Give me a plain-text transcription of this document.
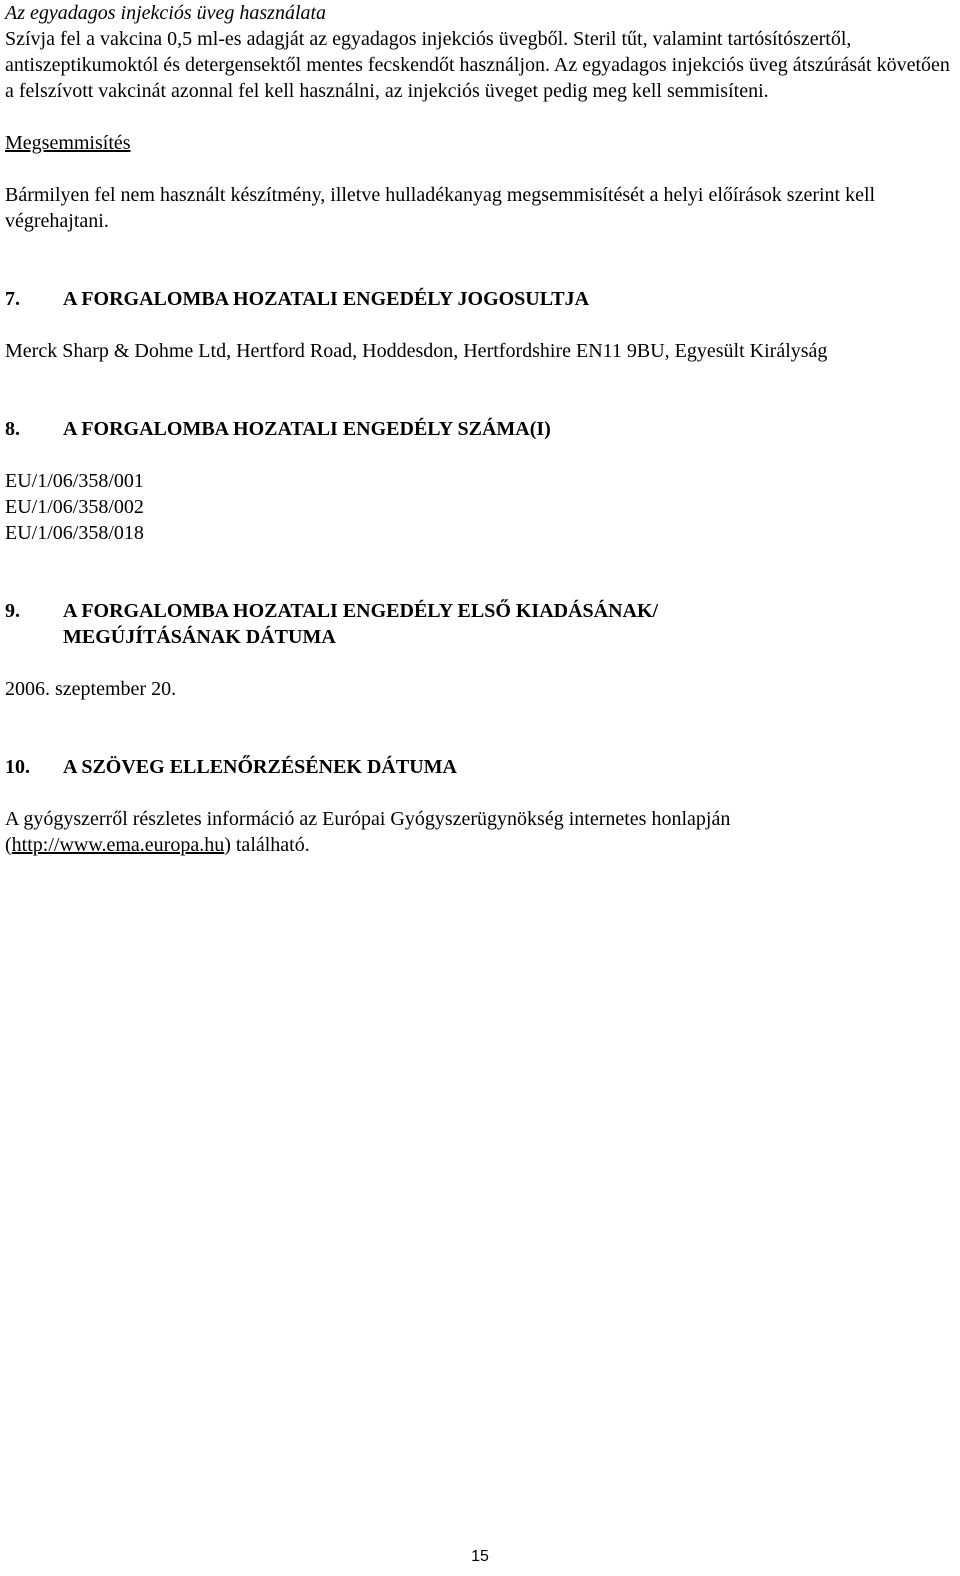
Az egyadagos injekciós üveg használata

Szívja fel a vakcina 0,5 ml-es adagját az egyadagos injekciós üvegből. Steril tűt, valamint tartósítószertől, antiszeptikumoktól és detergensektől mentes fecskendőt használjon. Az egyadagos injekciós üveg átszúrását követően a felszívott vakcinát azonnal fel kell használni, az injekciós üveget pedig meg kell semmisíteni.

Megsemmisítés

Bármilyen fel nem használt készítmény, illetve hulladékanyag megsemmisítését a helyi előírások szerint kell végrehajtani.

7.	A FORGALOMBA HOZATALI ENGEDÉLY JOGOSULTJA

Merck Sharp & Dohme Ltd, Hertford Road, Hoddesdon, Hertfordshire EN11 9BU, Egyesült Királyság

8.	A FORGALOMBA HOZATALI ENGEDÉLY SZÁMA(I)

EU/1/06/358/001

EU/1/06/358/002

EU/1/06/358/018

9.	A FORGALOMBA HOZATALI ENGEDÉLY ELSŐ KIADÁSÁNAK/
MEGÚJÍTÁSÁNAK DÁTUMA

2006. szeptember 20.

10.	A SZÖVEG ELLENŐRZÉSÉNEK DÁTUMA

A gyógyszerről részletes információ az Európai Gyógyszerügynökség internetes honlapján (http://www.ema.europa.hu) található.

15
